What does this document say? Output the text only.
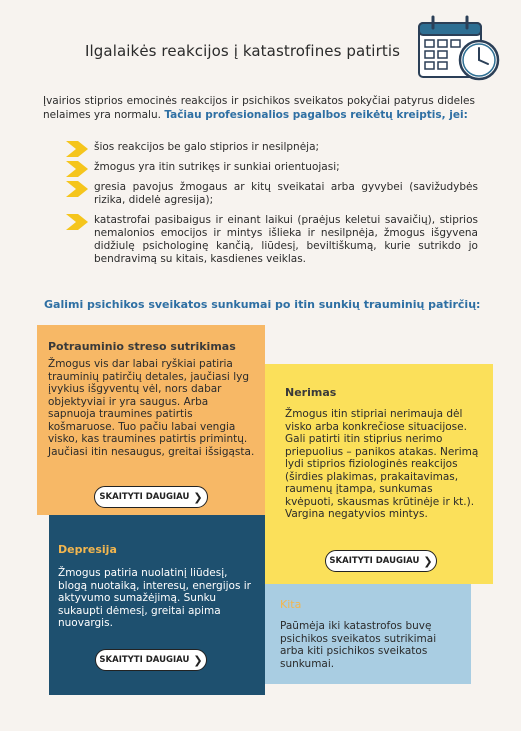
Ilgalaikės reakcijos į katastrofines patirtis
Įvairios stiprios emocinės reakcijos ir psichikos sveikatos pokyčiai patyrus dideles nelaimes yra normalu. Tačiau profesionalios pagalbos reikėtų kreiptis, jei:
šios reakcijos be galo stiprios ir nesilpnėja;
žmogus yra itin sutrikęs ir sunkiai orientuojasi;
gresia pavojus žmogaus ar kitų sveikatai arba gyvybei (savižudybės rizika, didelė agresija);
katastrofai pasibaigus ir einant laikui (praėjus keletui savaičių), stiprios nemalonios emocijos ir mintys išlieka ir nesilpnėja, žmogus išgyvena didžiulę psichologinę kančią, liūdesį, beviltiškumą, kurie sutrikdo jo bendravimą su kitais, kasdienes veiklas.
Galimi psichikos sveikatos sunkumai po itin sunkių trauminių patirčių:
Potrauminio streso sutrikimas

Žmogus vis dar labai ryškiai patiria trauminių patirčių detales, jaučiasi lyg įvykius išgyventų vėl, nors dabar objektyviai ir yra saugus. Arba sapnuoja traumines patirtis košmaruose. Tuo pačiu labai vengia visko, kas traumines patirtis primintų. Jaučiasi itin nesaugus, greitai išsigąsta.

SKAITYTI DAUGIAU ❯
Nerimas

Žmogus itin stipriai nerimauja dėl visko arba konkrečiose situacijose. Gali patirti itin stiprius nerimo priepuolius – panikos atakas. Nerimą lydi stiprios fiziologinės reakcijos (širdies plakimas, prakaitavimas, raumenų įtampa, sunkumas kvėpuoti, skausmas krūtinėje ir kt.). Vargina negatyvios mintys.

SKAITYTI DAUGIAU ❯
Depresija

Žmogus patiria nuolatinį liūdesį, blogą nuotaiką, interesų, energijos ir aktyvumo sumažėjimą. Sunku sukaupti dėmesį, greitai apima nuovargis.

SKAITYTI DAUGIAU ❯
Kita

Paūmėja iki katastrofos buvę psichikos sveikatos sutrikimai arba kiti psichikos sveikatos sunkumai.
